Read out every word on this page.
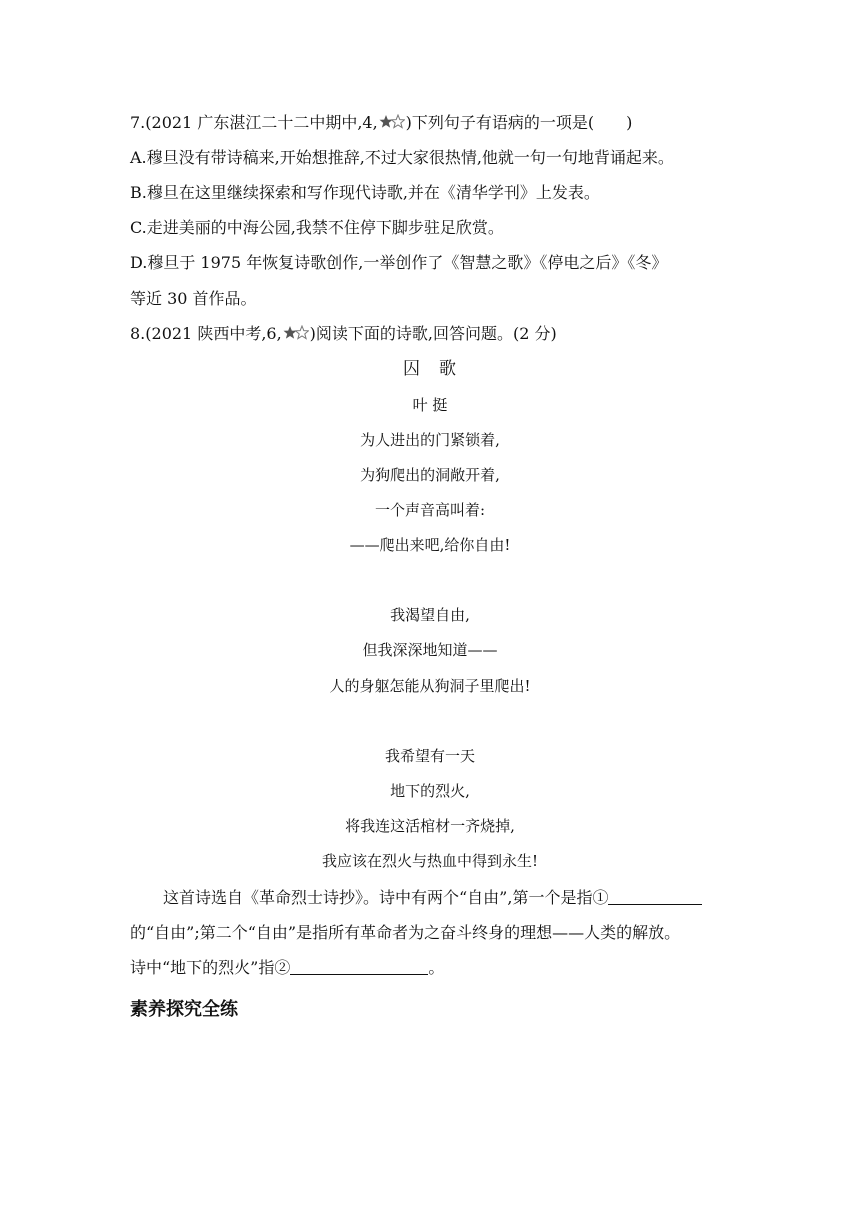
7.(2021 广东湛江二十二中期中,4, )下列句子有语病的一项是(　　)
A.穆旦没有带诗稿来,开始想推辞,不过大家很热情,他就一句一句地背诵起来。
B.穆旦在这里继续探索和写作现代诗歌,并在《清华学刊》上发表。
C.走进美丽的中海公园,我禁不住停下脚步驻足欣赏。
D.穆旦于 1975 年恢复诗歌创作,一举创作了《智慧之歌》《停电之后》《冬》
等近 30 首作品。
8.(2021 陕西中考,6, )阅读下面的诗歌,回答问题。(2 分)
囚　歌
叶 挺
为人进出的门紧锁着,
为狗爬出的洞敞开着,
一个声音高叫着:
——爬出来吧,给你自由!
我渴望自由,
但我深深地知道——
人的身躯怎能从狗洞子里爬出!
我希望有一天
地下的烈火,
将我连这活棺材一齐烧掉,
我应该在烈火与热血中得到永生!
这首诗选自《革命烈士诗抄》。诗中有两个“自由”,第一个是指①
的“自由”;第二个“自由”是指所有革命者为之奋斗终身的理想——人类的解放。
诗中“地下的烈火”指②	。
素养探究全练
